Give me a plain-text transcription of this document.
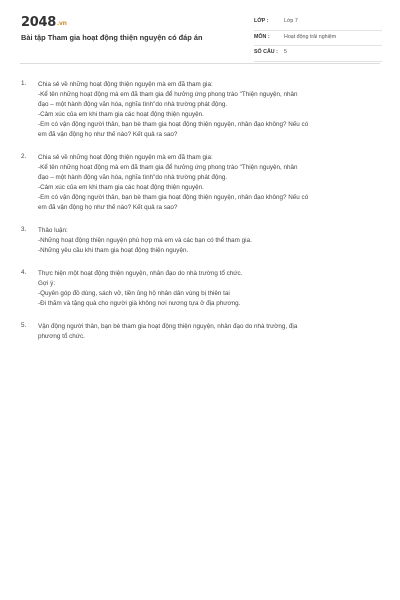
2048.vn
Bài tập Tham gia hoạt động thiện nguyện có đáp án
LỚP :	Lớp 7
MÔN :	Hoạt động trải nghiệm
SỐ CÂU : 5
1. Chia sẻ về những hoạt động thiện nguyện mà em đã tham gia:
-Kể tên những hoạt động mà em đã tham gia để hưởng ứng phong trào "Thiện nguyện, nhân
đạo – một hành động văn hóa, nghĩa tình"do nhà trường phát động.
-Cảm xúc của em khi tham gia các hoạt động thiện nguyện.
-Em có vận động người thân, bạn bè tham gia hoạt động thiện nguyện, nhân đạo không? Nếu có
em đã vận động họ như thế nào? Kết quả ra sao?
2. Chia sẻ về những hoạt động thiện nguyện mà em đã tham gia:
-Kể tên những hoạt động mà em đã tham gia để hưởng ứng phong trào "Thiện nguyện, nhân
đạo – một hành động văn hóa, nghĩa tình"do nhà trường phát động.
-Cảm xúc của em khi tham gia các hoạt động thiện nguyện.
-Em có vận động người thân, bạn bè tham gia hoạt động thiện nguyện, nhân đạo không? Nếu có
em đã vận động họ như thế nào? Kết quả ra sao?
3. Thảo luận:
-Những hoạt động thiện nguyện phù hợp mà em và các bạn có thể tham gia.
-Những yêu cầu khi tham gia hoạt động thiện nguyện.
4. Thực hiện một hoạt động thiện nguyện, nhân đạo do nhà trường tổ chức.
Gợi ý:
-Quyên góp đồ dùng, sách vở, tiền ủng hộ nhân dân vùng bị thiên tai
-Đi thăm và tặng quà cho người già không nơi nương tựa ở địa phương.
5. Vận động người thân, bạn bè tham gia hoạt động thiện nguyện, nhân đạo do nhà trường, địa
phương tổ chức.
